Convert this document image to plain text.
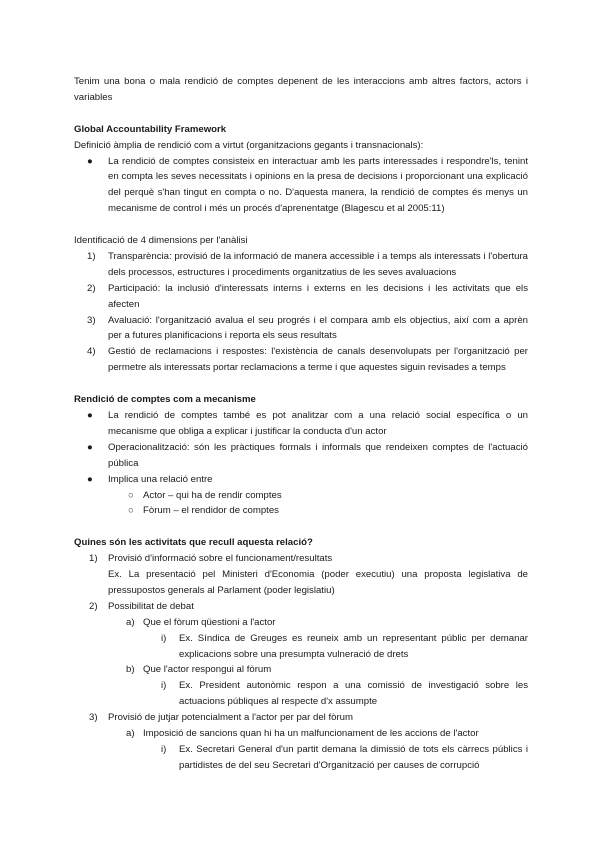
Tenim una bona o mala rendició de comptes depenent de les interaccions amb altres factors, actors i variables

Global Accountability Framework

Definició àmplia de rendició com a virtut (organitzacions gegants i transnacionals):

● La rendició de comptes consisteix en interactuar amb les parts interessades i respondre'ls, tenint en compta les seves necessitats i opinions en la presa de decisions i proporcionant una explicació del perquè s'han tingut en compta o no. D'aquesta manera, la rendició de comptes és menys un mecanisme de control i més un procés d'aprenentatge (Blagescu et al 2005:11)

Identificació de 4 dimensions per l'anàlisi

1) Transparència: provisió de la informació de manera accessible i a temps als interessats i l'obertura dels processos, estructures i procediments organitzatius de les seves avaluacions
2) Participació: la inclusió d'interessats interns i externs en les decisions i les activitats que els afecten
3) Avaluació: l'organització avalua el seu progrés i el compara amb els objectius, així com a aprèn per a futures planificacions i reporta els seus resultats
4) Gestió de reclamacions i respostes: l'existència de canals desenvolupats per l'organització per permetre als interessats portar reclamacions a terme i que aquestes siguin revisades a temps

Rendició de comptes com a mecanisme

● La rendició de comptes també es pot analitzar com a una relació social específica o un mecanisme que obliga a explicar i justificar la conducta d'un actor
● Operacionalització: són les pràctiques formals i informals que rendeixen comptes de l'actuació pública
● Implica una relació entre
○ Actor – qui ha de rendir comptes
○ Fòrum – el rendidor de comptes

Quines són les activitats que recull aquesta relació?

1) Provisió d'informació sobre el funcionament/resultats

Ex. La presentació pel Ministeri d'Economia (poder executiu) una proposta legislativa de pressupostos generals al Parlament (poder legislatiu)

2) Possibilitat de debat
a) Que el fòrum qüestioni a l'actor
i) Ex. Síndica de Greuges es reuneix amb un representant públic per demanar explicacions sobre una presumpta vulneració de drets
b) Que l'actor respongui al fòrum
i) Ex. President autonòmic respon a una comissió de investigació sobre les actuacions públiques al respecte d'x assumpte
3) Provisió de jutjar potencialment a l'actor per par del fòrum
a) Imposició de sancions quan hi ha un malfuncionament de les accions de l'actor
i) Ex. Secretari General d'un partit demana la dimissió de tots els càrrecs públics i partidistes de del seu Secretari d'Organització per causes de corrupció
